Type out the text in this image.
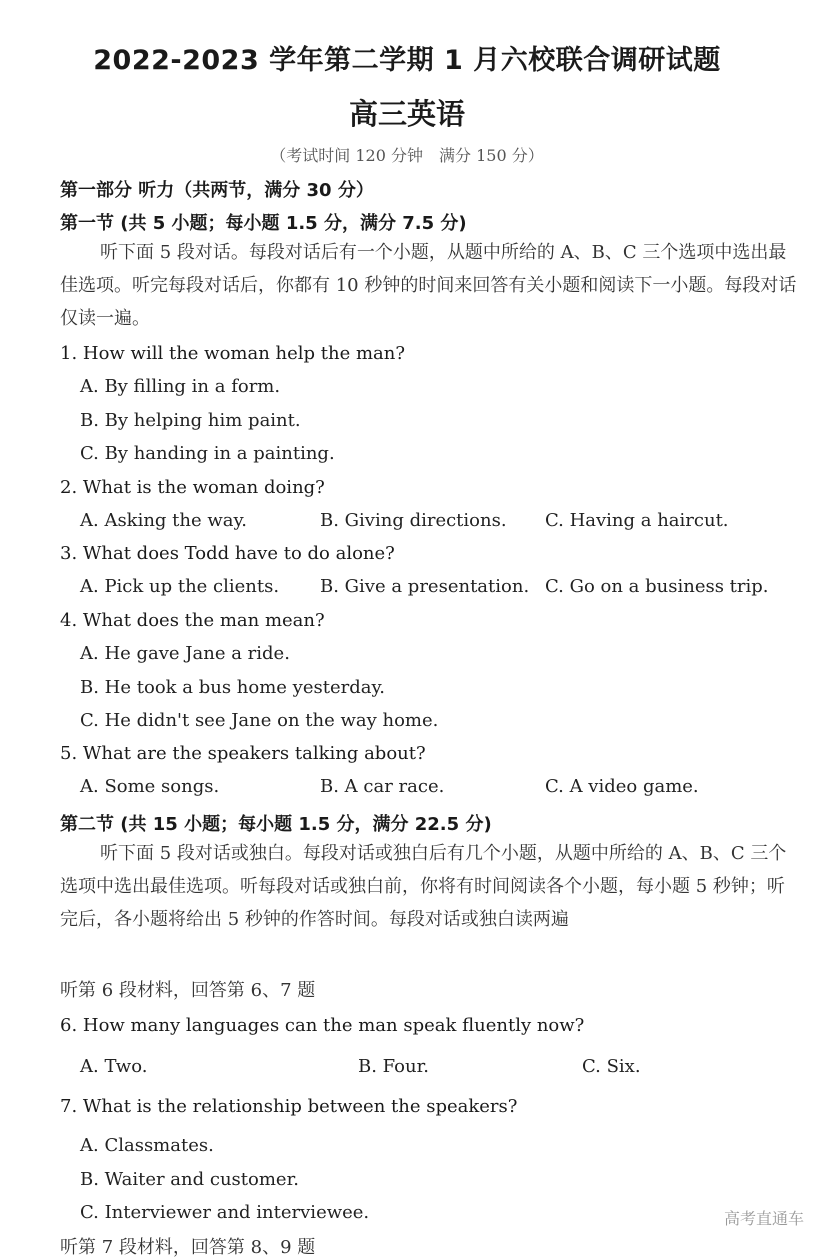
2022-2023 学年第二学期 1 月六校联合调研试题
高三英语
（考试时间 120 分钟　满分 150 分）
第一部分 听力（共两节，满分 30 分）
第一节 (共 5 小题；每小题 1.5 分，满分 7.5 分)
听下面 5 段对话。每段对话后有一个小题，从题中所给的 A、B、C 三个选项中选出最佳选项。听完每段对话后，你都有 10 秒钟的时间来回答有关小题和阅读下一小题。每段对话仅读一遍。
1. How will the woman help the man?
A. By filling in a form.
B. By helping him paint.
C. By handing in a painting.
2. What is the woman doing?
A. Asking the way.	B. Giving directions. C. Having a haircut.
3. What does Todd have to do alone?
A. Pick up the clients. B. Give a presentation. C. Go on a business trip.
4. What does the man mean?
A. He gave Jane a ride.
B. He took a bus home yesterday.
C. He didn't see Jane on the way home.
5. What are the speakers talking about?
A. Some songs.	B. A car race.	C. A video game.
第二节 (共 15 小题；每小题 1.5 分，满分 22.5 分)
听下面 5 段对话或独白。每段对话或独白后有几个小题，从题中所给的 A、B、C 三个选项中选出最佳选项。听每段对话或独白前，你将有时间阅读各个小题，每小题 5 秒钟；听完后，各小题将给出 5 秒钟的作答时间。每段对话或独白读两遍
听第 6 段材料，回答第 6、7 题
6. How many languages can the man speak fluently now?
A. Two.	B. Four.	C. Six.
7. What is the relationship between the speakers?
A. Classmates.
B. Waiter and customer.
C. Interviewer and interviewee.
听第 7 段材料，回答第 8、9 题
高考直通车
